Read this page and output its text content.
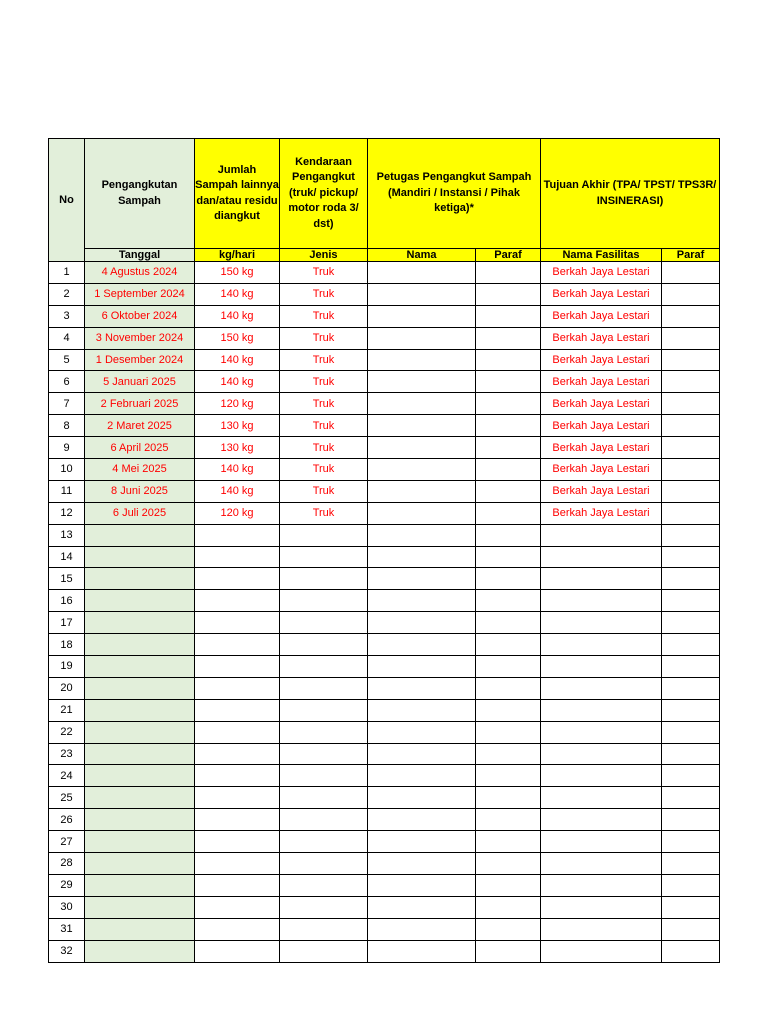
No	Pengangkutan Sampah	Jumlah Sampah lainnya dan/atau residu diangkut	Kendaraan Pengangkut (truk/ pickup/ motor roda 3/ dst)	Petugas Pengangkut Sampah (Mandiri / Instansi / Pihak ketiga)*		Tujuan Akhir (TPA/ TPST/ TPS3R/ INSINERASI)	
	Tanggal	kg/hari	Jenis	Nama	Paraf	Nama Fasilitas	Paraf
1	4 Agustus 2024	150 kg	Truk			Berkah Jaya Lestari	
2	1 September 2024	140 kg	Truk			Berkah Jaya Lestari	
3	6 Oktober 2024	140 kg	Truk			Berkah Jaya Lestari	
4	3 November 2024	150 kg	Truk			Berkah Jaya Lestari	
5	1 Desember 2024	140 kg	Truk			Berkah Jaya Lestari	
6	5 Januari 2025	140 kg	Truk			Berkah Jaya Lestari	
7	2 Februari 2025	120 kg	Truk			Berkah Jaya Lestari	
8	2 Maret 2025	130 kg	Truk			Berkah Jaya Lestari	
9	6 April 2025	130 kg	Truk			Berkah Jaya Lestari	
10	4 Mei 2025	140 kg	Truk			Berkah Jaya Lestari	
11	8 Juni 2025	140 kg	Truk			Berkah Jaya Lestari	
12	6 Juli 2025	120 kg	Truk			Berkah Jaya Lestari	
13							
14							
15							
16							
17							
18							
19							
20							
21							
22							
23							
24							
25							
26							
27							
28							
29							
30							
31							
32							
